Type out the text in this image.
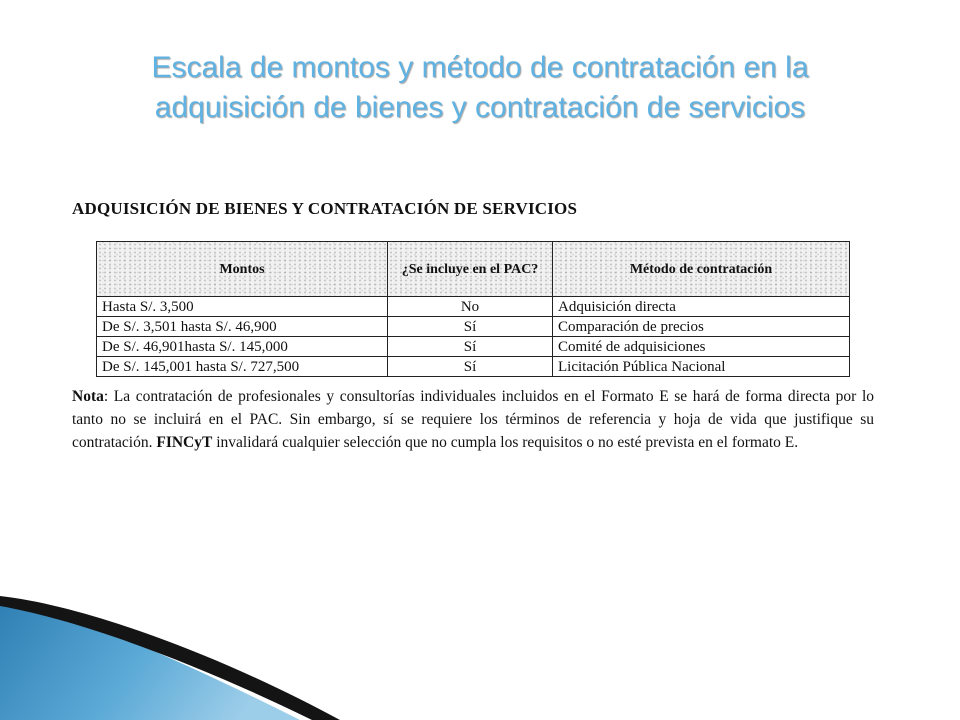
Escala de montos y método de contratación en la
adquisición de bienes y contratación de servicios
ADQUISICIÓN DE BIENES Y CONTRATACIÓN DE SERVICIOS
Montos	¿Se incluye en el PAC?	Método de contratación
Hasta S/. 3,500	No	Adquisición directa
De S/. 3,501 hasta S/. 46,900	Sí	Comparación de precios
De S/. 46,901hasta S/. 145,000	Sí	Comité de adquisiciones
De S/. 145,001 hasta S/. 727,500	Sí	Licitación Pública Nacional
Nota: La contratación de profesionales y consultorías individuales incluidos en el Formato E se hará de forma directa por lo tanto no se incluirá en el PAC. Sin embargo, sí se requiere los términos de referencia y hoja de vida que justifique su contratación. FINCyT invalidará cualquier selección que no cumpla los requisitos o no esté prevista en el formato E.
